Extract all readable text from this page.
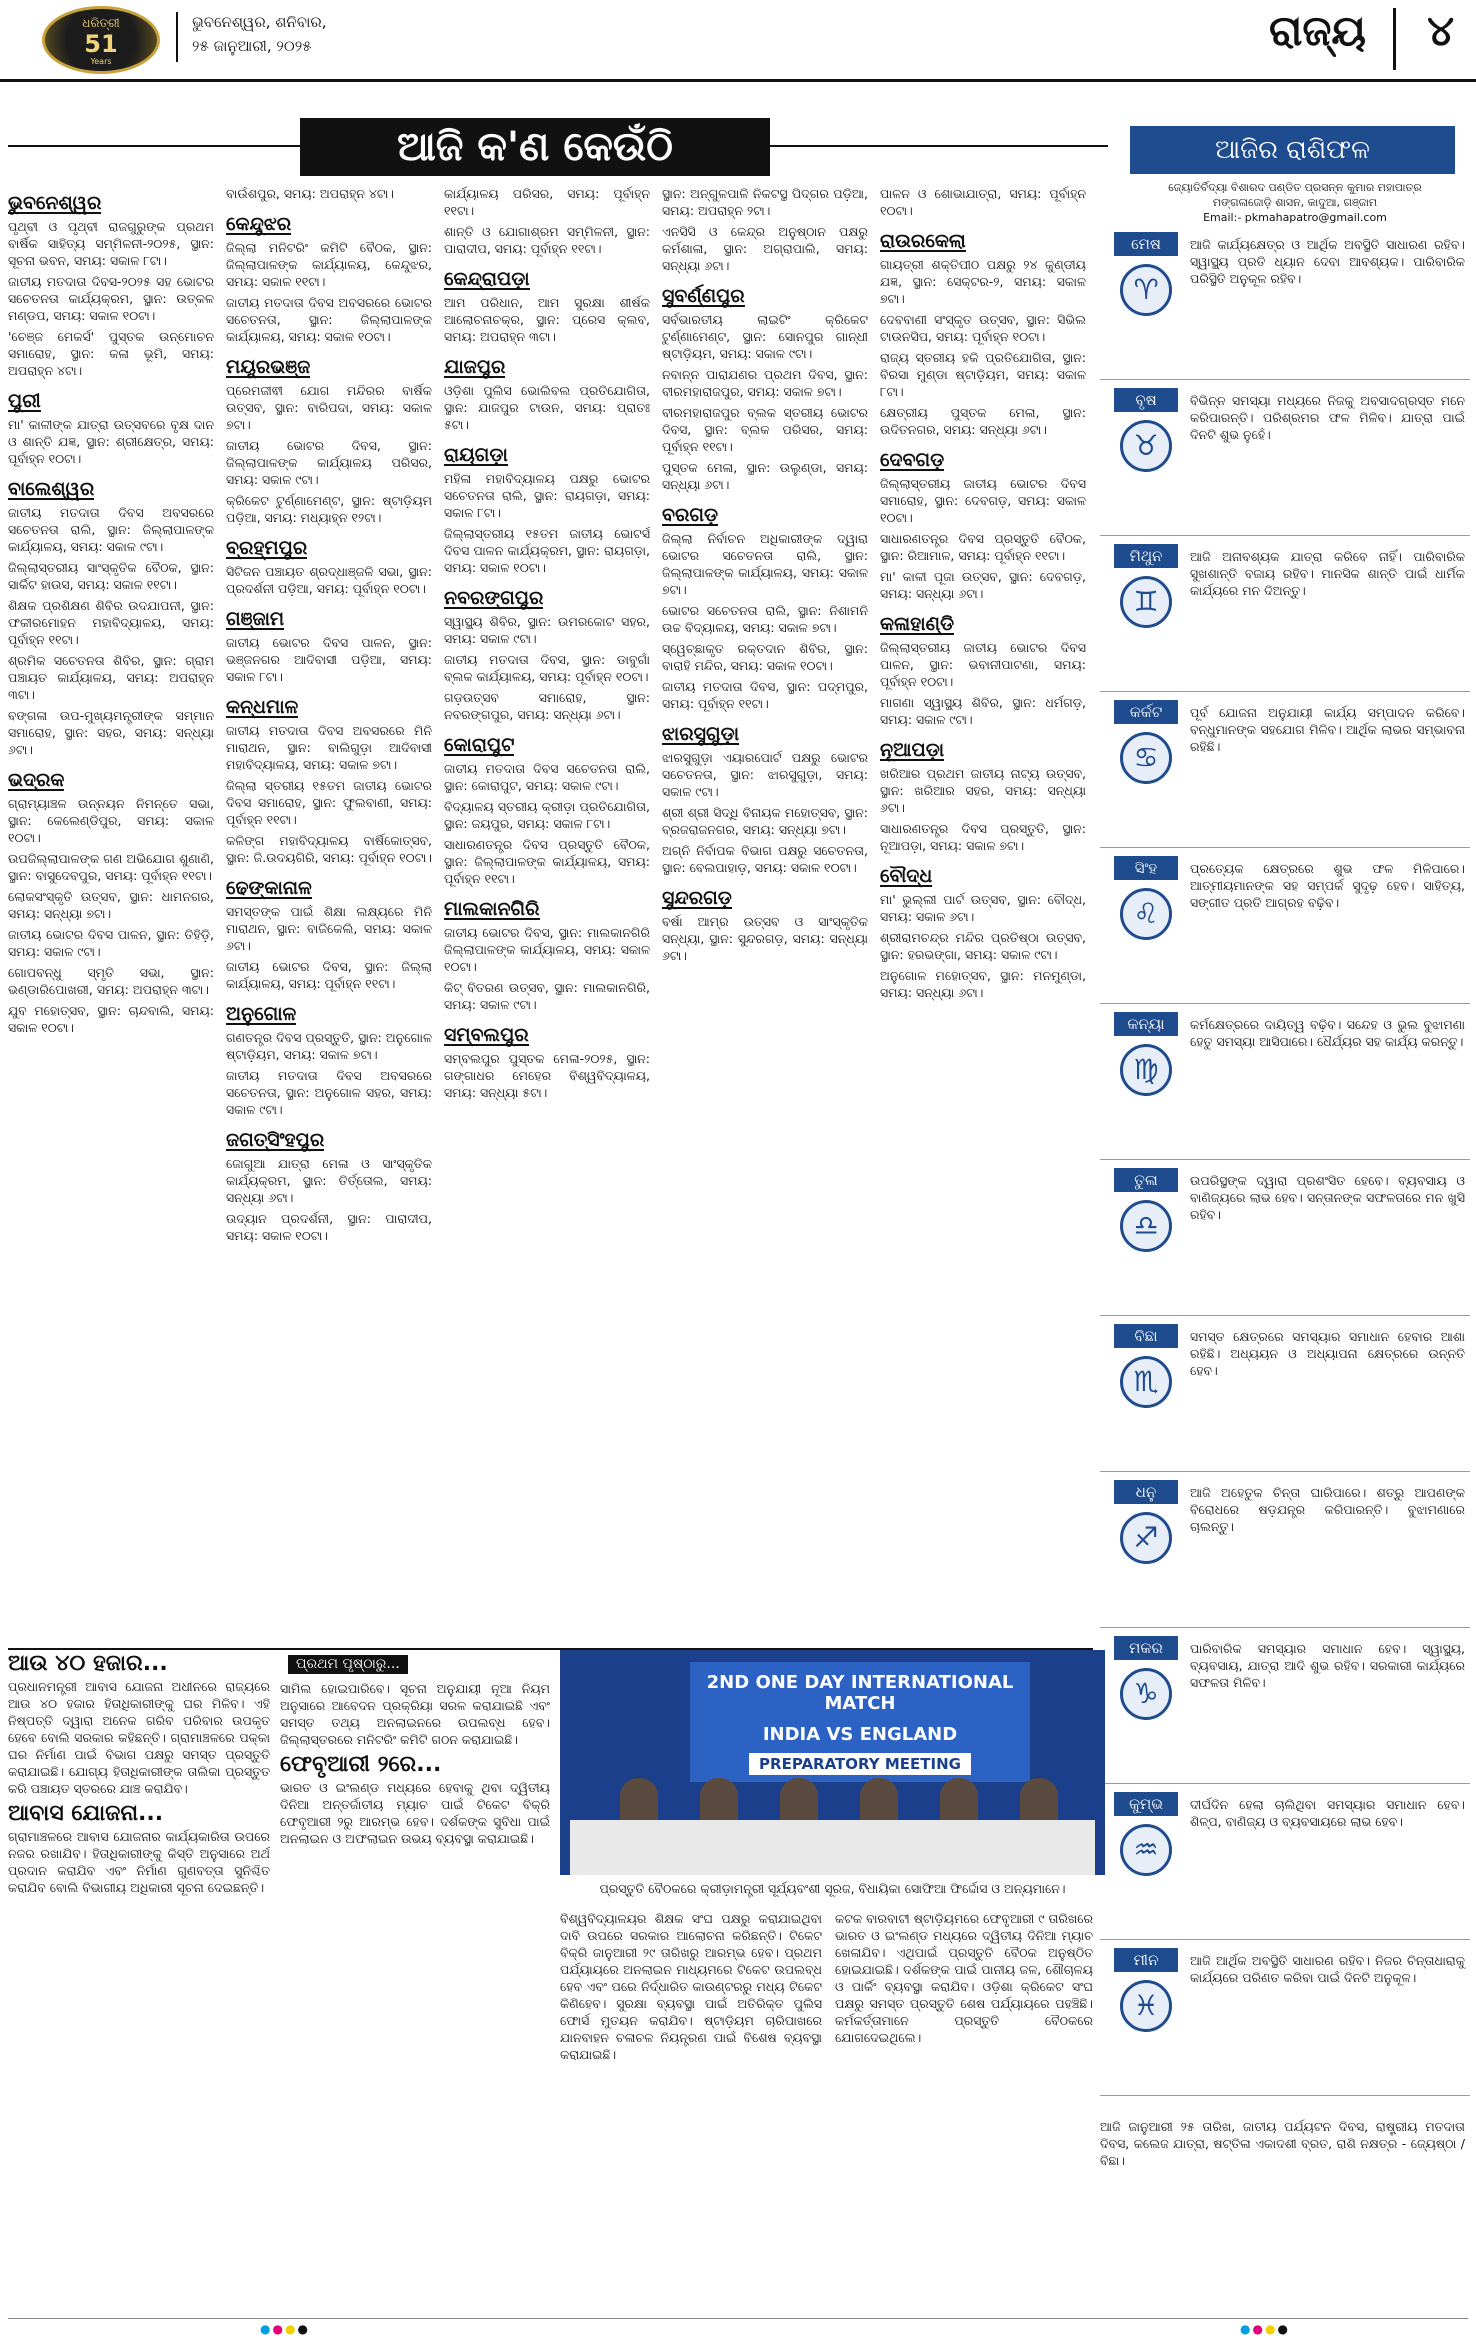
ଧରିତ୍ରୀ
51
Years
ଭୁବନେଶ୍ୱର, ଶନିବାର,
୨୫ ଜାନୁଆରୀ, ୨୦୨୫	ରାଜ୍ୟ ୪
ଆଜି କ'ଣ କେଉଁଠି
ଭୁବନେଶ୍ୱର

ପୃଥ୍ବୀ ଓ ପୃଥ୍ବୀ ରାଜଗୁରୁଙ୍କ ପ୍ରଥମ ବାର୍ଷିକ ସାହିତ୍ୟ ସମ୍ମିଳନୀ-୨୦୨୫, ସ୍ଥାନ: ସୂଚନା ଭବନ, ସମୟ: ସକାଳ ୮ଟା।

ଜାତୀୟ ମତଦାତା ଦିବସ-୨୦୨୫ ସହ ଭୋଟର ସଚେତନତା କାର୍ଯ୍ୟକ୍ରମ, ସ୍ଥାନ: ଉତ୍କଳ ମଣ୍ଡପ, ସମୟ: ସକାଳ ୧୦ଟା।

'ଚେଞ୍ଜ ମେକର୍ସ' ପୁସ୍ତକ ଉନ୍ମୋଚନ ସମାରୋହ, ସ୍ଥାନ: କଳା ଭୂମି, ସମୟ: ଅପରାହ୍ନ ୪ଟା।

ପୁରୀ

ମା' କାଳୀଙ୍କ ଯାତ୍ରା ଉତ୍ସବରେ ବୃକ୍ଷ ଦାନ ଓ ଶାନ୍ତି ଯଜ୍ଞ, ସ୍ଥାନ: ଶ୍ରୀକ୍ଷେତ୍ର, ସମୟ: ପୂର୍ବାହ୍ନ ୧୦ଟା।

ବାଲେଶ୍ୱର

ଜାତୀୟ ମତଦାତା ଦିବସ ଅବସରରେ ସଚେତନତା ରାଲି, ସ୍ଥାନ: ଜିଲ୍ଲାପାଳଙ୍କ କାର୍ଯ୍ୟାଳୟ, ସମୟ: ସକାଳ ୯ଟା।

ଜିଲ୍ଲାସ୍ତରୀୟ ସାଂସ୍କୃତିକ ବୈଠକ, ସ୍ଥାନ: ସାର୍କିଟ ହାଉସ, ସମୟ: ସକାଳ ୧୧ଟା।

ଶିକ୍ଷକ ପ୍ରଶିକ୍ଷଣ ଶିବିର ଉଦଯାପନୀ, ସ୍ଥାନ: ଫକୀରମୋହନ ମହାବିଦ୍ୟାଳୟ, ସମୟ: ପୂର୍ବାହ୍ନ ୧୧ଟା।

ଶ୍ରମିକ ସଚେତନତା ଶିବିର, ସ୍ଥାନ: ଗ୍ରାମ ପଞ୍ଚାୟତ କାର୍ଯ୍ୟାଳୟ, ସମୟ: ଅପରାହ୍ନ ୩ଟା।

ବଙ୍ଗଳା ଉପ-ମୁଖ୍ୟମନ୍ତ୍ରୀଙ୍କ ସମ୍ମାନ ସମାରୋହ, ସ୍ଥାନ: ସହର, ସମୟ: ସନ୍ଧ୍ୟା ୬ଟା।

ଭଦ୍ରକ

ଗ୍ରାମ୍ୟାଞ୍ଚଳ ଉନ୍ନୟନ ନିମନ୍ତେ ସଭା, ସ୍ଥାନ: କେଲେଣ୍ଡିପୁର, ସମୟ: ସକାଳ ୧୦ଟା।

ଉପଜିଲ୍ଲାପାଳଙ୍କ ଗଣ ଅଭିଯୋଗ ଶୁଣାଣି, ସ୍ଥାନ: ବାସୁଦେବପୁର, ସମୟ: ପୂର୍ବାହ୍ନ ୧୧ଟା।

ଲୋକସଂସ୍କୃତି ଉତ୍ସବ, ସ୍ଥାନ: ଧାମନଗର, ସମୟ: ସନ୍ଧ୍ୟା ୭ଟା।

ଜାତୀୟ ଭୋଟର ଦିବସ ପାଳନ, ସ୍ଥାନ: ତିହିଡ଼ି, ସମୟ: ସକାଳ ୯ଟା।

ଗୋପବନ୍ଧୁ ସ୍ମୃତି ସଭା, ସ୍ଥାନ: ଭଣ୍ଡାରିପୋଖରୀ, ସମୟ: ଅପରାହ୍ନ ୩ଟା।

ଯୁବ ମହୋତ୍ସବ, ସ୍ଥାନ: ଚାନ୍ଦବାଲି, ସମୟ: ସକାଳ ୧୦ଟା।

ବାଉଁଶପୁର, ସମୟ: ଅପରାହ୍ନ ୪ଟା।

କେନ୍ଦୁଝର

ଜିଲ୍ଲା ମନିଟରିଂ କମିଟି ବୈଠକ, ସ୍ଥାନ: ଜିଲ୍ଲାପାଳଙ୍କ କାର୍ଯ୍ୟାଳୟ, କେନ୍ଦୁଝର, ସମୟ: ସକାଳ ୧୧ଟା।

ଜାତୀୟ ମତଦାତା ଦିବସ ଅବସରରେ ଭୋଟର ସଚେତନତା, ସ୍ଥାନ: ଜିଲ୍ଲାପାଳଙ୍କ କାର୍ଯ୍ୟାଳୟ, ସମୟ: ସକାଳ ୧୦ଟା।

ମୟୂରଭଞ୍ଜ

ପ୍ରେମଜୀଵୀ ଯୋଗ ମନ୍ଦିରର ବାର୍ଷିକ ଉତ୍ସବ, ସ୍ଥାନ: ବାରିପଦା, ସମୟ: ସକାଳ ୭ଟା।

ଜାତୀୟ ଭୋଟର ଦିବସ, ସ୍ଥାନ: ଜିଲ୍ଲାପାଳଙ୍କ କାର୍ଯ୍ୟାଳୟ ପରିସର, ସମୟ: ସକାଳ ୯ଟା।

କ୍ରିକେଟ ଟୁର୍ଣ୍ଣାମେଣ୍ଟ, ସ୍ଥାନ: ଷ୍ଟାଡ଼ିୟମ ପଡ଼ିଆ, ସମୟ: ମଧ୍ୟାହ୍ନ ୧୨ଟା।

ବ୍ରହ୍ମପୁର

ସିଟିଜନ ପଞ୍ଚାୟତ ଶ୍ରଦ୍ଧାଞ୍ଜଳି ସଭା, ସ୍ଥାନ: ପ୍ରଦର୍ଶନୀ ପଡ଼ିଆ, ସମୟ: ପୂର୍ବାହ୍ନ ୧୦ଟା।

ଗଞ୍ଜାମ

ଜାତୀୟ ଭୋଟର ଦିବସ ପାଳନ, ସ୍ଥାନ: ଭଞ୍ଜନଗର ଆଦିବାସୀ ପଡ଼ିଆ, ସମୟ: ସକାଳ ୮ଟା।

କନ୍ଧମାଳ

ଜାତୀୟ ମତଦାତା ଦିବସ ଅବସରରେ ମିନି ମାରାଥନ, ସ୍ଥାନ: ବାଲିଗୁଡ଼ା ଆଦିବାସୀ ମହାବିଦ୍ୟାଳୟ, ସମୟ: ସକାଳ ୭ଟା।

ଜିଲ୍ଲା ସ୍ତରୀୟ ୧୫ତମ ଜାତୀୟ ଭୋଟର ଦିବସ ସମାରୋହ, ସ୍ଥାନ: ଫୁଲବାଣୀ, ସମୟ: ପୂର୍ବାହ୍ନ ୧୧ଟା।

କଳିଙ୍ଗ ମହାବିଦ୍ୟାଳୟ ବାର୍ଷିକୋତ୍ସବ, ସ୍ଥାନ: ଜି.ଉଦୟଗିରି, ସମୟ: ପୂର୍ବାହ୍ନ ୧୦ଟା।

ଢେଙ୍କାନାଳ

ସମସ୍ତଙ୍କ ପାଇଁ ଶିକ୍ଷା ଲକ୍ଷ୍ୟରେ ମିନି ମାରାଥନ, ସ୍ଥାନ: ବାଜିକେଲି, ସମୟ: ସକାଳ ୬ଟା।

ଜାତୀୟ ଭୋଟର ଦିବସ, ସ୍ଥାନ: ଜିଲ୍ଲା କାର୍ଯ୍ୟାଳୟ, ସମୟ: ପୂର୍ବାହ୍ନ ୧୧ଟା।

ଅନୁଗୋଳ

ଗଣତନ୍ତ୍ର ଦିବସ ପ୍ରସ୍ତୁତି, ସ୍ଥାନ: ଅନୁଗୋଳ ଷ୍ଟାଡ଼ିୟମ, ସମୟ: ସକାଳ ୭ଟା।

ଜାତୀୟ ମତଦାତା ଦିବସ ଅବସରରେ ସଚେତନତା, ସ୍ଥାନ: ଅନୁଗୋଳ ସହର, ସମୟ: ସକାଳ ୯ଟା।

ଜଗତ୍‌ସିଂହପୁର

ଜୋଗୁଆ ଯାତ୍ରା ମେଳା ଓ ସାଂସ୍କୃତିକ କାର୍ଯ୍ୟକ୍ରମ, ସ୍ଥାନ: ତିର୍ତ୍ତୋଲ, ସମୟ: ସନ୍ଧ୍ୟା ୬ଟା।

ଉଦ୍ୟାନ ପ୍ରଦର୍ଶନୀ, ସ୍ଥାନ: ପାରାଦୀପ, ସମୟ: ସକାଳ ୧୦ଟା।

କାର୍ଯ୍ୟାଳୟ ପରିସର, ସମୟ: ପୂର୍ବାହ୍ନ ୧୧ଟା।

ଶାନ୍ତି ଓ ଯୋଗାଶ୍ରମ ସମ୍ମିଳନୀ, ସ୍ଥାନ: ପାରାଦୀପ, ସମୟ: ପୂର୍ବାହ୍ନ ୧୧ଟା।

କେନ୍ଦ୍ରାପଡ଼ା

ଆମ ପରିଧାନ, ଆମ ସୁରକ୍ଷା ଶୀର୍ଷକ ଆଲୋଚନାଚକ୍ର, ସ୍ଥାନ: ପ୍ରେସ କ୍ଲବ, ସମୟ: ଅପରାହ୍ନ ୩ଟା।

ଯାଜପୁର

ଓଡ଼ିଶା ପୁଲିସ ଭୋଲିବଲ ପ୍ରତିଯୋଗିତା, ସ୍ଥାନ: ଯାଜପୁର ଟାଉନ, ସମୟ: ପ୍ରାତଃ ୫ଟା।

ରାୟଗଡ଼ା

ମହିଳା ମହାବିଦ୍ୟାଳୟ ପକ୍ଷରୁ ଭୋଟର ସଚେତନତା ରାଲି, ସ୍ଥାନ: ରାୟଗଡ଼ା, ସମୟ: ସକାଳ ୮ଟା।

ଜିଲ୍ଲାସ୍ତରୀୟ ୧୫ତମ ଜାତୀୟ ଭୋଟର୍ସ ଦିବସ ପାଳନ କାର୍ଯ୍ୟକ୍ରମ, ସ୍ଥାନ: ରାୟଗଡ଼ା, ସମୟ: ସକାଳ ୧୦ଟା।

ନବରଙ୍ଗପୁର

ସ୍ୱାସ୍ଥ୍ୟ ଶିବିର, ସ୍ଥାନ: ଉମରକୋଟ ସହର, ସମୟ: ସକାଳ ୯ଟା।

ଜାତୀୟ ମତଦାତା ଦିବସ, ସ୍ଥାନ: ଡାବୁଗାଁ ବ୍ଲକ କାର୍ଯ୍ୟାଳୟ, ସମୟ: ପୂର୍ବାହ୍ନ ୧୦ଟା।

ଗଡ଼ଉତ୍ସବ ସମାରୋହ, ସ୍ଥାନ: ନବରଙ୍ଗପୁର, ସମୟ: ସନ୍ଧ୍ୟା ୬ଟା।

କୋରାପୁଟ

ଜାତୀୟ ମତଦାତା ଦିବସ ସଚେତନତା ରାଲି, ସ୍ଥାନ: କୋରାପୁଟ, ସମୟ: ସକାଳ ୯ଟା।

ବିଦ୍ୟାଳୟ ସ୍ତରୀୟ କ୍ରୀଡ଼ା ପ୍ରତିଯୋଗିତା, ସ୍ଥାନ: ଜୟପୁର, ସମୟ: ସକାଳ ୮ଟା।

ସାଧାରଣତନ୍ତ୍ର ଦିବସ ପ୍ରସ୍ତୁତି ବୈଠକ, ସ୍ଥାନ: ଜିଲ୍ଲାପାଳଙ୍କ କାର୍ଯ୍ୟାଳୟ, ସମୟ: ପୂର୍ବାହ୍ନ ୧୧ଟା।

ମାଲକାନଗିରି

ଜାତୀୟ ଭୋଟର ଦିବସ, ସ୍ଥାନ: ମାଲକାନଗିରି ଜିଲ୍ଲାପାଳଙ୍କ କାର୍ଯ୍ୟାଳୟ, ସମୟ: ସକାଳ ୧୦ଟା।

କିଟ୍ ବିତରଣ ଉତ୍ସବ, ସ୍ଥାନ: ମାଲକାନଗିରି, ସମୟ: ସକାଳ ୯ଟା।

ସମ୍ବଲପୁର

ସମ୍ବଲପୁର ପୁସ୍ତକ ମେଳା-୨୦୨୫, ସ୍ଥାନ: ଗଙ୍ଗାଧର ମେହେର ବିଶ୍ୱବିଦ୍ୟାଳୟ, ସମୟ: ସନ୍ଧ୍ୟା ୫ଟା।

ସ୍ଥାନ: ଅନ୍ଗୁଳପାଳି ନିକଟସ୍ଥ ପିଦ୍ଗର ପଡ଼ିଆ, ସମୟ: ଅପରାହ୍ନ ୨ଟା।

ଏନସିସି ଓ କେନ୍ଦ୍ର ଅନୁଷ୍ଠାନ ପକ୍ଷରୁ କର୍ମଶାଳା, ସ୍ଥାନ: ଅଗ୍ରାପାଲି, ସମୟ: ସନ୍ଧ୍ୟା ୬ଟା।

ସୁବର୍ଣ୍ଣପୁର

ସର୍ବଭାରତୀୟ ଲାଇଟିଂ କ୍ରିକେଟ ଟୁର୍ଣ୍ଣାମେଣ୍ଟ, ସ୍ଥାନ: ସୋନପୁର ଗାନ୍ଧୀ ଷ୍ଟାଡ଼ିୟମ, ସମୟ: ସକାଳ ୯ଟା।

ନବାନ୍ନ ପାରାଯଣର ପ୍ରଥମ ଦିବସ, ସ୍ଥାନ: ବୀରମହାରାଜପୁର, ସମୟ: ସକାଳ ୭ଟା।

ବୀରମହାରାଜପୁର ବ୍ଲକ ସ୍ତରୀୟ ଭୋଟର ଦିବସ, ସ୍ଥାନ: ବ୍ଲକ ପରିସର, ସମୟ: ପୂର୍ବାହ୍ନ ୧୧ଟା।

ପୁସ୍ତକ ମେଳା, ସ୍ଥାନ: ଉଲୁଣ୍ଡା, ସମୟ: ସନ୍ଧ୍ୟା ୬ଟା।

ବରଗଡ଼

ଜିଲ୍ଲା ନିର୍ବାଚନ ଅଧିକାରୀଙ୍କ ଦ୍ୱାରା ଭୋଟର ସଚେତନତା ରାଲି, ସ୍ଥାନ: ଜିଲ୍ଲାପାଳଙ୍କ କାର୍ଯ୍ୟାଳୟ, ସମୟ: ସକାଳ ୭ଟା।

ଭୋଟର ସଚେତନତା ରାଲି, ସ୍ଥାନ: ନିଶାମନି ଉଚ୍ଚ ବିଦ୍ୟାଳୟ, ସମୟ: ସକାଳ ୭ଟା।

ସ୍ୱେଚ୍ଛାକୃତ ରକ୍ତଦାନ ଶିବିର, ସ୍ଥାନ: ବାରାହି ମନ୍ଦିର, ସମୟ: ସକାଳ ୧୦ଟା।

ଜାତୀୟ ମତଦାତା ଦିବସ, ସ୍ଥାନ: ପଦ୍ମପୁର, ସମୟ: ପୂର୍ବାହ୍ନ ୧୧ଟା।

ଝାରସୁଗୁଡ଼ା

ଝାରସୁଗୁଡ଼ା ଏୟାରପୋର୍ଟ ପକ୍ଷରୁ ଭୋଟର ସଚେତନତା, ସ୍ଥାନ: ଝାରସୁଗୁଡ଼ା, ସମୟ: ସକାଳ ୯ଟା।

ଶ୍ରୀ ଶ୍ରୀ ସିଦ୍ଧି ବିନାୟକ ମହୋତ୍ସବ, ସ୍ଥାନ: ବ୍ରଜରାଜନଗର, ସମୟ: ସନ୍ଧ୍ୟା ୭ଟା।

ଅଗ୍ନି ନିର୍ବାପକ ବିଭାଗ ପକ୍ଷରୁ ସଚେତନତା, ସ୍ଥାନ: ବେଲପାହାଡ଼, ସମୟ: ସକାଳ ୧୦ଟା।

ସୁନ୍ଦରଗଡ଼

ବର୍ଷା ଆମ୍ର ଉତ୍ସବ ଓ ସାଂସ୍କୃତିକ ସନ୍ଧ୍ୟା, ସ୍ଥାନ: ସୁନ୍ଦରଗଡ଼, ସମୟ: ସନ୍ଧ୍ୟା ୬ଟା।

ପାଳନ ଓ ଶୋଭାଯାତ୍ରା, ସମୟ: ପୂର୍ବାହ୍ନ ୧୦ଟା।

ରାଉରକେଲା

ଗାୟତ୍ରୀ ଶକ୍ତିପୀଠ ପକ୍ଷରୁ ୨୪ କୁଣ୍ଡୀୟ ଯଜ୍ଞ, ସ୍ଥାନ: ସେକ୍ଟର-୨, ସମୟ: ସକାଳ ୭ଟା।

ଦେବବାଣୀ ସଂସ୍କୃତ ଉତ୍ସବ, ସ୍ଥାନ: ସିଭିଲ ଟାଉନସିପ, ସମୟ: ପୂର୍ବାହ୍ନ ୧୦ଟା।

ରାଜ୍ୟ ସ୍ତରୀୟ ହକି ପ୍ରତିଯୋଗିତା, ସ୍ଥାନ: ବିରସା ମୁଣ୍ଡା ଷ୍ଟାଡ଼ିୟମ, ସମୟ: ସକାଳ ୮ଟା।

କ୍ଷେତ୍ରୀୟ ପୁସ୍ତକ ମେଳା, ସ୍ଥାନ: ଉଦିତନଗର, ସମୟ: ସନ୍ଧ୍ୟା ୬ଟା।

ଦେବଗଡ଼

ଜିଲ୍ଲାସ୍ତରୀୟ ଜାତୀୟ ଭୋଟର ଦିବସ ସମାରୋହ, ସ୍ଥାନ: ଦେବଗଡ଼, ସମୟ: ସକାଳ ୧୦ଟା।

ସାଧାରଣତନ୍ତ୍ର ଦିବସ ପ୍ରସ୍ତୁତି ବୈଠକ, ସ୍ଥାନ: ରିଆମାଳ, ସମୟ: ପୂର୍ବାହ୍ନ ୧୧ଟା।

ମା' କାଳୀ ପୂଜା ଉତ୍ସବ, ସ୍ଥାନ: ଦେବଗଡ଼, ସମୟ: ସନ୍ଧ୍ୟା ୬ଟା।

କଳାହାଣ୍ଡି

ଜିଲ୍ଲାସ୍ତରୀୟ ଜାତୀୟ ଭୋଟର ଦିବସ ପାଳନ, ସ୍ଥାନ: ଭବାନୀପାଟଣା, ସମୟ: ପୂର୍ବାହ୍ନ ୧୦ଟା।

ମାଗଣା ସ୍ୱାସ୍ଥ୍ୟ ଶିବିର, ସ୍ଥାନ: ଧର୍ମଗଡ଼, ସମୟ: ସକାଳ ୯ଟା।

ନୂଆପଡ଼ା

ଖରିଆର ପ୍ରଥମ ଜାତୀୟ ନାଟ୍ୟ ଉତ୍ସବ, ସ୍ଥାନ: ଖରିଆର ସହର, ସମୟ: ସନ୍ଧ୍ୟା ୬ଟା।

ସାଧାରଣତନ୍ତ୍ର ଦିବସ ପ୍ରସ୍ତୁତି, ସ୍ଥାନ: ନୂଆପଡ଼ା, ସମୟ: ସକାଳ ୭ଟା।

ବୌଦ୍ଧ

ମା' ଭୁଲ୍ଲୀ ପାର୍ଟ ଉତ୍ସବ, ସ୍ଥାନ: ବୌଦ୍ଧ, ସମୟ: ସକାଳ ୬ଟା।

ଶ୍ରୀରାମଚନ୍ଦ୍ର ମନ୍ଦିର ପ୍ରତିଷ୍ଠା ଉତ୍ସବ, ସ୍ଥାନ: ହରଭଙ୍ଗା, ସମୟ: ସକାଳ ୯ଟା।

ଅନୁଗୋଳ ମହୋତ୍ସବ, ସ୍ଥାନ: ମନମୁଣ୍ଡା, ସମୟ: ସନ୍ଧ୍ୟା ୬ଟା।

ଆଜିର ରାଶିଫଳ
ଜ୍ୟୋତିର୍ବିଦ୍ୟା ବିଶାରଦ ପଣ୍ଡିତ ପ୍ରସନ୍ନ କୁମାର ମହାପାତ୍ର
ମଙ୍ଗଳାଜୋଡ଼ି ଶାସନ, କାଦୁଆ, ଗଞ୍ଜାମ
Email:- pkmahapatro@gmail.com
ମେଷ
♈
ଆଜି କାର୍ଯ୍ୟକ୍ଷେତ୍ର ଓ ଆର୍ଥିକ ଅବସ୍ଥିତି ସାଧାରଣ ରହିବ। ସ୍ୱାସ୍ଥ୍ୟ ପ୍ରତି ଧ୍ୟାନ ଦେବା ଆବଶ୍ୟକ। ପାରିବାରିକ ପରିସ୍ଥିତି ଅନୁକୂଳ ରହିବ।
ବୃଷ
♉
ବିଭିନ୍ନ ସମସ୍ୟା ମଧ୍ୟରେ ନିଜକୁ ଅବସାଦଗ୍ରସ୍ତ ମନେ କରିପାରନ୍ତି। ପରିଶ୍ରମର ଫଳ ମିଳିବ। ଯାତ୍ରା ପାଇଁ ଦିନଟି ଶୁଭ ନୁହେଁ।
ମିଥୁନ
♊
ଆଜି ଅନାବଶ୍ୟକ ଯାତ୍ରା କରିବେ ନାହିଁ। ପାରିବାରିକ ସୁଖଶାନ୍ତି ବଜାୟ ରହିବ। ମାନସିକ ଶାନ୍ତି ପାଇଁ ଧାର୍ମିକ କାର୍ଯ୍ୟରେ ମନ ଦିଅନ୍ତୁ।
କର୍କଟ
♋
ପୂର୍ବ ଯୋଜନା ଅନୁଯାୟୀ କାର୍ଯ୍ୟ ସମ୍ପାଦନ କରିବେ। ବନ୍ଧୁମାନଙ୍କ ସହଯୋଗ ମିଳିବ। ଆର୍ଥିକ ଲାଭର ସମ୍ଭାବନା ରହିଛି।
ସିଂହ
♌
ପ୍ରତ୍ୟେକ କ୍ଷେତ୍ରରେ ଶୁଭ ଫଳ ମିଳିପାରେ। ଆତ୍ମୀୟମାନଙ୍କ ସହ ସମ୍ପର୍କ ସୁଦୃଢ଼ ହେବ। ସାହିତ୍ୟ, ସଙ୍ଗୀତ ପ୍ରତି ଆଗ୍ରହ ବଢ଼ିବ।
କନ୍ୟା
♍
କର୍ମକ୍ଷେତ୍ରରେ ଦାୟିତ୍ୱ ବଢ଼ିବ। ସନ୍ଦେହ ଓ ଭୁଲ ବୁଝାମଣା ହେତୁ ସମସ୍ୟା ଆସିପାରେ। ଧୈର୍ଯ୍ୟର ସହ କାର୍ଯ୍ୟ କରନ୍ତୁ।
ତୁଳା
♎
ଉପରିସ୍ଥଙ୍କ ଦ୍ୱାରା ପ୍ରଶଂସିତ ହେବେ। ବ୍ୟବସାୟ ଓ ବାଣିଜ୍ୟରେ ଲାଭ ହେବ। ସନ୍ତାନଙ୍କ ସଫଳତାରେ ମନ ଖୁସି ରହିବ।
ବିଛା
♏
ସମସ୍ତ କ୍ଷେତ୍ରରେ ସମସ୍ୟାର ସମାଧାନ ହେବାର ଆଶା ରହିଛି। ଅଧ୍ୟୟନ ଓ ଅଧ୍ୟାପନା କ୍ଷେତ୍ରରେ ଉନ୍ନତି ହେବ।
ଧନୁ
♐
ଆଜି ଅହେତୁକ ଚିନ୍ତା ଘାରିପାରେ। ଶତ୍ରୁ ଆପଣଙ୍କ ବିରୋଧରେ ଷଡ଼ଯନ୍ତ୍ର କରିପାରନ୍ତି। ବୁଝାମଣାରେ ଚାଲନ୍ତୁ।
ମକର
♑
ପାରିବାରିକ ସମସ୍ୟାର ସମାଧାନ ହେବ। ସ୍ୱାସ୍ଥ୍ୟ, ବ୍ୟବସାୟ, ଯାତ୍ରା ଆଦି ଶୁଭ ରହିବ। ସରକାରୀ କାର୍ଯ୍ୟରେ ସଫଳତା ମିଳିବ।
କୁମ୍ଭ
♒
ଦୀର୍ଘଦିନ ହେଲା ଚାଲିଥିବା ସମସ୍ୟାର ସମାଧାନ ହେବ। ଶିଳ୍ପ, ବାଣିଜ୍ୟ ଓ ବ୍ୟବସାୟରେ ଲାଭ ହେବ।
ମୀନ
♓
ଆଜି ଆର୍ଥିକ ଅବସ୍ଥିତି ସାଧାରଣ ରହିବ। ନିଜର ଚିନ୍ତାଧାରାକୁ କାର୍ଯ୍ୟରେ ପରିଣତ କରିବା ପାଇଁ ଦିନଟି ଅନୁକୂଳ।
ଆଜି ଜାନୁଆରୀ ୨୫ ତାରିଖ, ଜାତୀୟ ପର୍ଯ୍ୟଟନ ଦିବସ, ରାଷ୍ଟ୍ରୀୟ ମତଦାତା ଦିବସ, କଲେଜ ଯାତ୍ରା, ଷଟ୍‌ତିଳା ଏକାଦଶୀ ବ୍ରତ, ରାଶି ନକ୍ଷତ୍ର - ଜ୍ୟେଷ୍ଠା / ବିଛା।
ଆଉ ୪୦ ହଜାର...

ପ୍ରଧାନମନ୍ତ୍ରୀ ଆବାସ ଯୋଜନା ଅଧୀନରେ ରାଜ୍ୟରେ ଆଉ ୪୦ ହଜାର ହିତାଧିକାରୀଙ୍କୁ ଘର ମିଳିବ। ଏହି ନିଷ୍ପତ୍ତି ଦ୍ୱାରା ଅନେକ ଗରିବ ପରିବାର ଉପକୃତ ହେବେ ବୋଲି ସରକାର କହିଛନ୍ତି। ଗ୍ରାମାଞ୍ଚଳରେ ପକ୍କା ଘର ନିର୍ମାଣ ପାଇଁ ବିଭାଗ ପକ୍ଷରୁ ସମସ୍ତ ପ୍ରସ୍ତୁତି କରାଯାଇଛି। ଯୋଗ୍ୟ ହିତାଧିକାରୀଙ୍କ ତାଲିକା ପ୍ରସ୍ତୁତ କରି ପଞ୍ଚାୟତ ସ୍ତରରେ ଯାଞ୍ଚ କରାଯିବ।

ଆବାସ ଯୋଜନା...

ଗ୍ରାମାଞ୍ଚଳରେ ଆବାସ ଯୋଜନାର କାର୍ଯ୍ୟକାରିତା ଉପରେ ନଜର ରଖାଯିବ। ହିତାଧିକାରୀଙ୍କୁ କିସ୍ତି ଅନୁସାରେ ଅର୍ଥ ପ୍ରଦାନ କରାଯିବ ଏବଂ ନିର୍ମାଣ ଗୁଣବତ୍ତା ସୁନିଶ୍ଚିତ କରାଯିବ ବୋଲି ବିଭାଗୀୟ ଅଧିକାରୀ ସୂଚନା ଦେଇଛନ୍ତି।

ପ୍ରଥମ ପୃଷ୍ଠାରୁ...

ସାମିଲ ହୋଇପାରିବେ। ସୂଚନା ଅନୁଯାୟୀ ନୂଆ ନିୟମ ଅନୁସାରେ ଆବେଦନ ପ୍ରକ୍ରିୟା ସରଳ କରାଯାଇଛି ଏବଂ ସମସ୍ତ ତଥ୍ୟ ଅନଲାଇନରେ ଉପଲବ୍ଧ ହେବ। ଜିଲ୍ଲାସ୍ତରରେ ମନିଟରିଂ କମିଟି ଗଠନ କରାଯାଇଛି।

ଫେବୃଆରୀ ୨ରେ...

ଭାରତ ଓ ଇଂଲଣ୍ଡ ମଧ୍ୟରେ ହେବାକୁ ଥିବା ଦ୍ୱିତୀୟ ଦିନିଆ ଅନ୍ତର୍ଜାତୀୟ ମ୍ୟାଚ ପାଇଁ ଟିକେଟ ବିକ୍ରି ଫେବୃଆରୀ ୨ରୁ ଆରମ୍ଭ ହେବ। ଦର୍ଶକଙ୍କ ସୁବିଧା ପାଇଁ ଅନଲାଇନ ଓ ଅଫଲାଇନ ଉଭୟ ବ୍ୟବସ୍ଥା କରାଯାଇଛି।

2ND ONE DAY INTERNATIONAL MATCH
INDIA VS ENGLAND
PREPARATORY MEETING
ପ୍ରସ୍ତୁତି ବୈଠକରେ କ୍ରୀଡ଼ାମନ୍ତ୍ରୀ ସୂର୍ଯ୍ୟବଂଶୀ ସୂରଜ, ବିଧାୟିକା ସୋଫିଆ ଫିର୍ଦ୍ଦୋସ ଓ ଅନ୍ୟମାନେ।

ବିଶ୍ୱବିଦ୍ୟାଳୟର ଶିକ୍ଷକ ସଂଘ ପକ୍ଷରୁ କରାଯାଇଥିବା ଦାବି ଉପରେ ସରକାର ଆଲୋଚନା କରିଛନ୍ତି। ଟିକେଟ ବିକ୍ରି ଜାନୁଆରୀ ୨୯ ତାରିଖରୁ ଆରମ୍ଭ ହେବ। ପ୍ରଥମ ପର୍ଯ୍ୟାୟରେ ଅନଲାଇନ ମାଧ୍ୟମରେ ଟିକେଟ ଉପଲବ୍ଧ ହେବ ଏବଂ ପରେ ନିର୍ଦ୍ଧାରିତ କାଉଣ୍ଟରରୁ ମଧ୍ୟ ଟିକେଟ କିଣିହେବ। ସୁରକ୍ଷା ବ୍ୟବସ୍ଥା ପାଇଁ ଅତିରିକ୍ତ ପୁଲିସ ଫୋର୍ସ ମୁତୟନ କରାଯିବ। ଷ୍ଟାଡ଼ିୟମ ଚାରିପାଖରେ ଯାନବାହନ ଚଳାଚଳ ନିୟନ୍ତ୍ରଣ ପାଇଁ ବିଶେଷ ବ୍ୟବସ୍ଥା କରାଯାଇଛି।

କଟକ ବାରବାଟୀ ଷ୍ଟାଡ଼ିୟମରେ ଫେବୃଆରୀ ୯ ତାରିଖରେ ଭାରତ ଓ ଇଂଲଣ୍ଡ ମଧ୍ୟରେ ଦ୍ୱିତୀୟ ଦିନିଆ ମ୍ୟାଚ ଖେଳାଯିବ। ଏଥିପାଇଁ ପ୍ରସ୍ତୁତି ବୈଠକ ଅନୁଷ୍ଠିତ ହୋଇଯାଇଛି। ଦର୍ଶକଙ୍କ ପାଇଁ ପାନୀୟ ଜଳ, ଶୌଚାଳୟ ଓ ପାର୍କିଂ ବ୍ୟବସ୍ଥା କରାଯିବ। ଓଡ଼ିଶା କ୍ରିକେଟ ସଂଘ ପକ୍ଷରୁ ସମସ୍ତ ପ୍ରସ୍ତୁତି ଶେଷ ପର୍ଯ୍ୟାୟରେ ପହଞ୍ଚିଛି। କର୍ମକର୍ତ୍ତାମାନେ ପ୍ରସ୍ତୁତି ବୈଠକରେ ଯୋଗଦେଇଥିଲେ।

●●●●	●●●●
